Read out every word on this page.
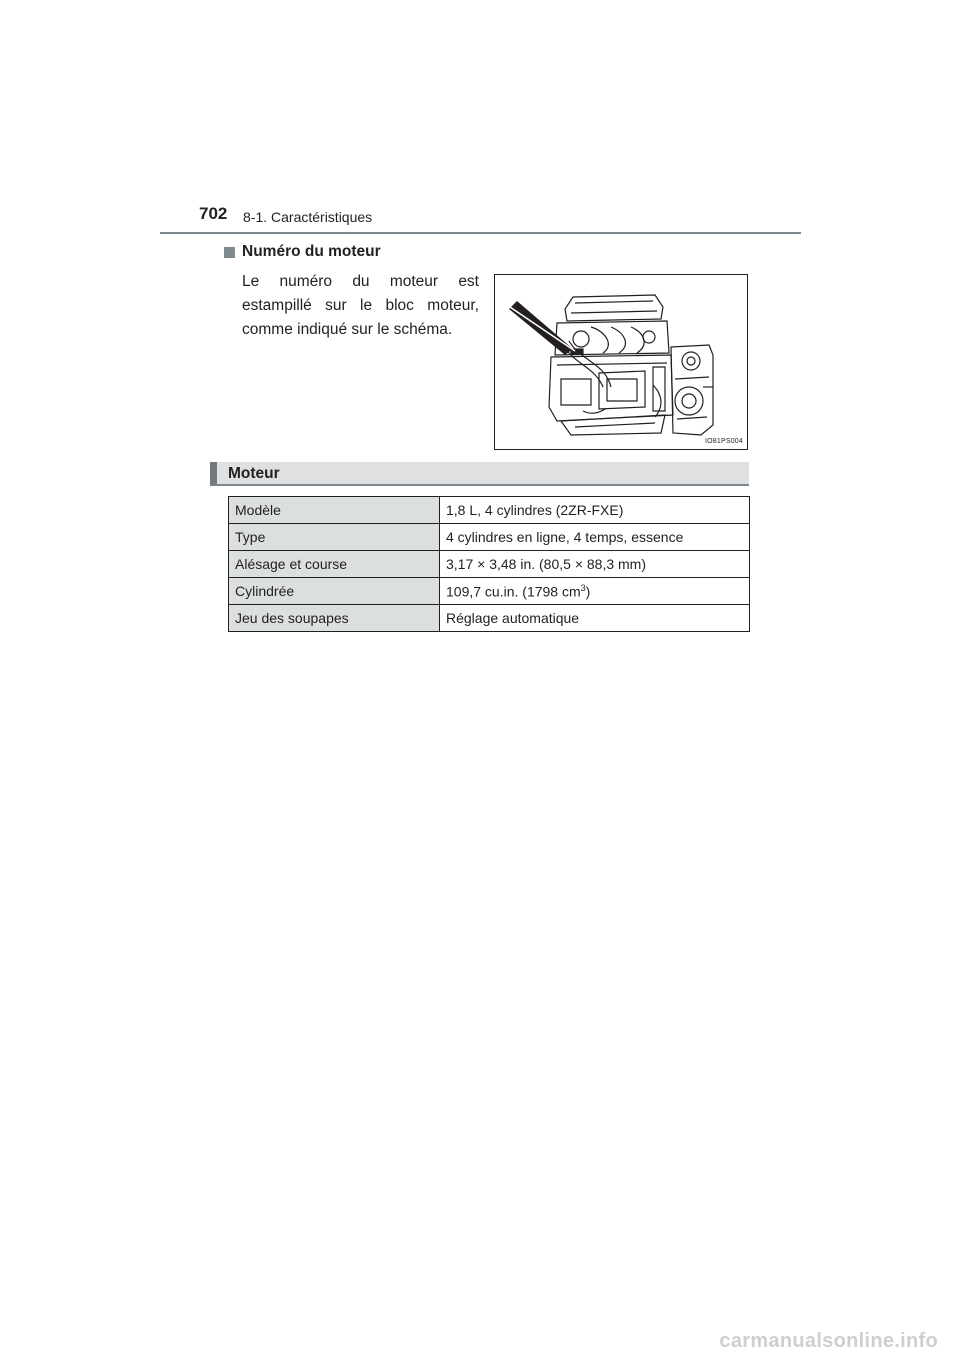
702 8-1. Caractéristiques
Numéro du moteur
Le numéro du moteur est estampillé sur le bloc moteur, comme indiqué sur le schéma.
IO81PS004
Moteur
Modèle	1,8 L, 4 cylindres (2ZR-FXE)
Type	4 cylindres en ligne, 4 temps, essence
Alésage et course	3,17 × 3,48 in. (80,5 × 88,3 mm)
Cylindrée	109,7 cu.in. (1798 $cm^3$)
Jeu des soupapes	Réglage automatique
carmanualsonline.info
